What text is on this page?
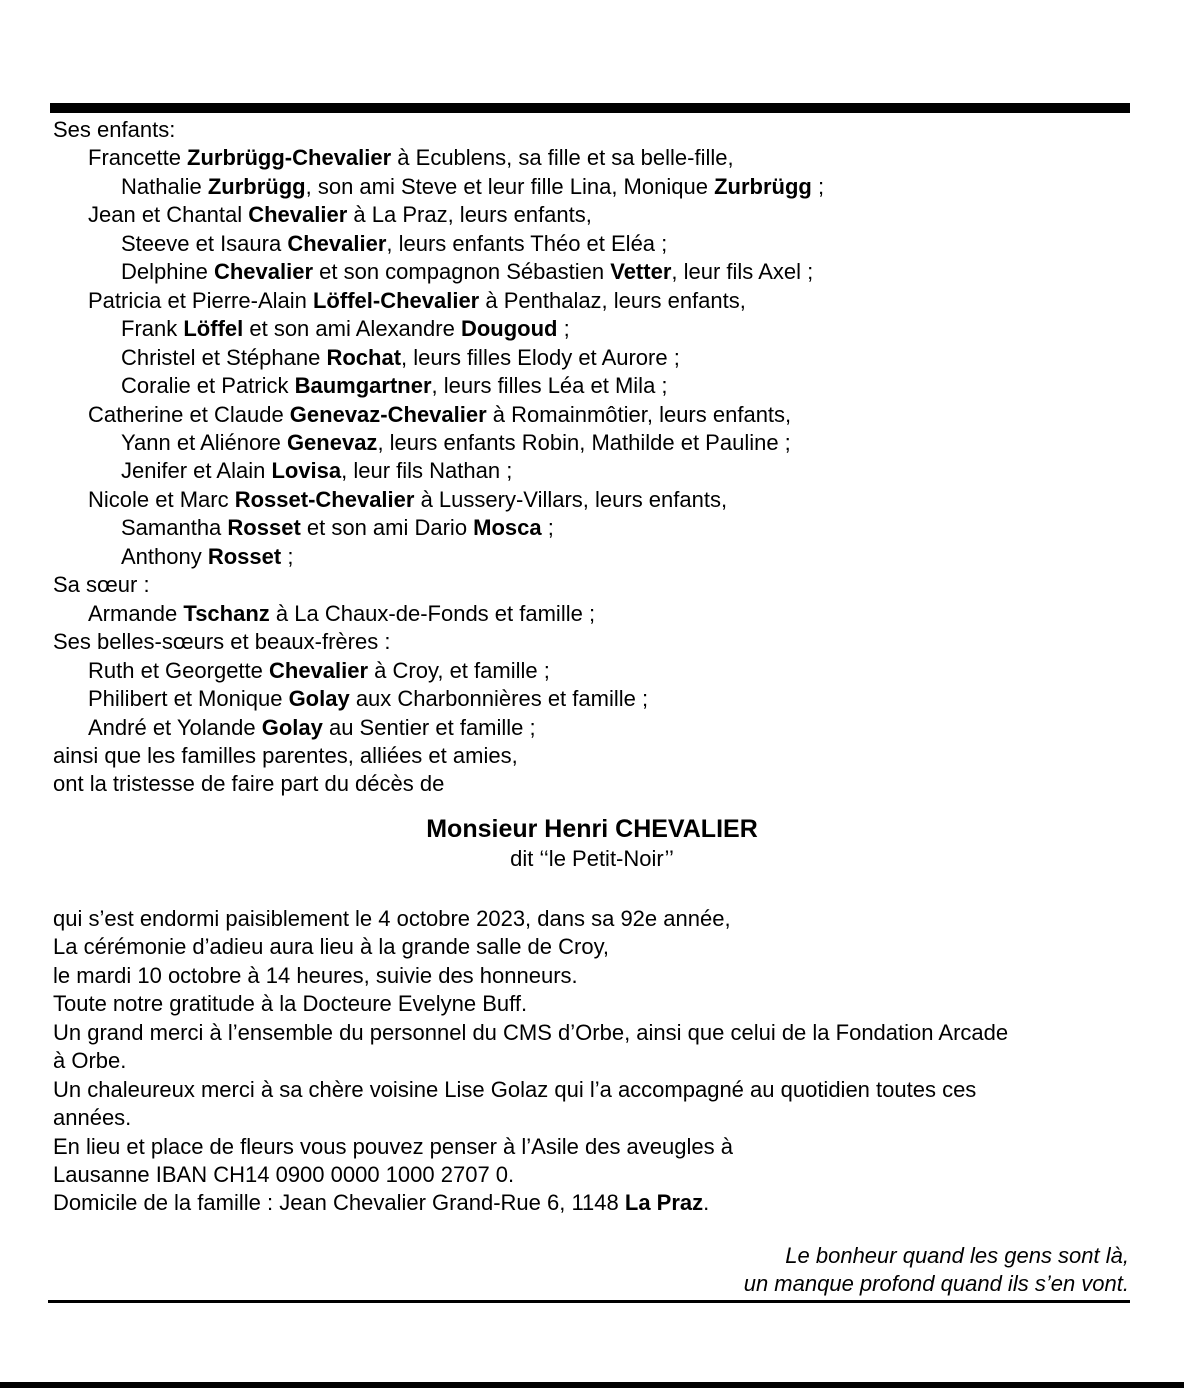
Ses enfants:
Francette Zurbrügg-Chevalier à Ecublens, sa fille et sa belle-fille,
Nathalie Zurbrügg, son ami Steve et leur fille Lina, Monique Zurbrügg ;
Jean et Chantal Chevalier à La Praz, leurs enfants,
Steeve et Isaura Chevalier, leurs enfants Théo et Eléa ;
Delphine Chevalier et son compagnon Sébastien Vetter, leur fils Axel ;
Patricia et Pierre-Alain Löffel-Chevalier à Penthalaz, leurs enfants,
Frank Löffel et son ami Alexandre Dougoud ;
Christel et Stéphane Rochat, leurs filles Elody et Aurore ;
Coralie et Patrick Baumgartner, leurs filles Léa et Mila ;
Catherine et Claude Genevaz-Chevalier à Romainmôtier, leurs enfants,
Yann et Aliénore Genevaz, leurs enfants Robin, Mathilde et Pauline ;
Jenifer et Alain Lovisa, leur fils Nathan ;
Nicole et Marc Rosset-Chevalier à Lussery-Villars, leurs enfants,
Samantha Rosset et son ami Dario Mosca ;
Anthony Rosset ;
Sa sœur :
Armande Tschanz à La Chaux-de-Fonds et famille ;
Ses belles-sœurs et beaux-frères :
Ruth et Georgette Chevalier à Croy, et famille ;
Philibert et Monique Golay aux Charbonnières et famille ;
André et Yolande Golay au Sentier et famille ;
ainsi que les familles parentes, alliées et amies,
ont la tristesse de faire part du décès de
Monsieur Henri CHEVALIER
dit ‘‘le Petit-Noir’’
qui s’est endormi paisiblement le 4 octobre 2023, dans sa 92e année,
La cérémonie d’adieu aura lieu à la grande salle de Croy,
le mardi 10 octobre à 14 heures, suivie des honneurs.
Toute notre gratitude à la Docteure Evelyne Buff.
Un grand merci à l’ensemble du personnel du CMS d’Orbe, ainsi que celui de la Fondation Arcade
à Orbe.
Un chaleureux merci à sa chère voisine Lise Golaz qui l’a accompagné au quotidien toutes ces
années.
En lieu et place de fleurs vous pouvez penser à l’Asile des aveugles à
Lausanne IBAN CH14 0900 0000 1000 2707 0.
Domicile de la famille : Jean Chevalier Grand-Rue 6, 1148 La Praz.
Le bonheur quand les gens sont là,
un manque profond quand ils s’en vont.
